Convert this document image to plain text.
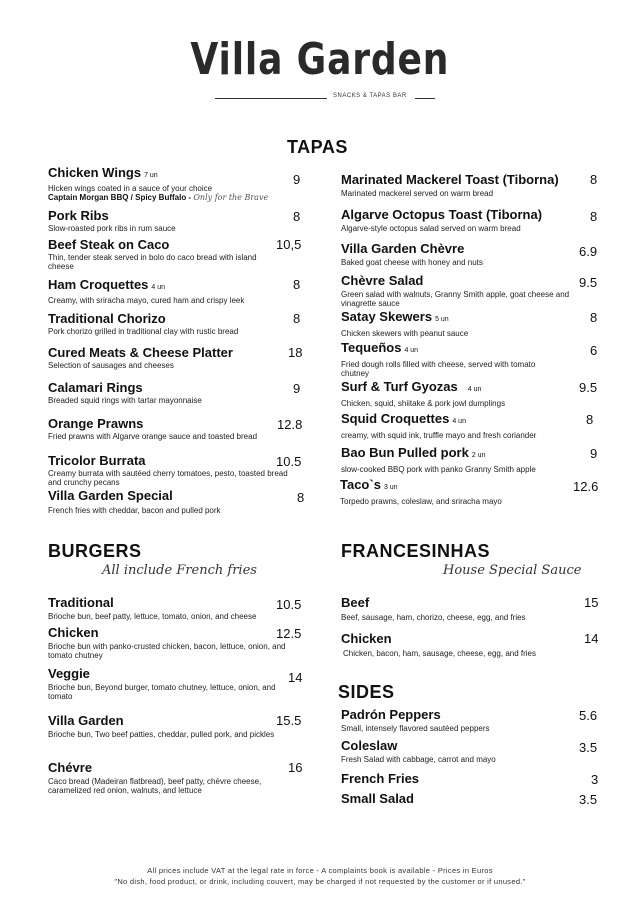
Villa Garden
SNACKS & TAPAS BAR
TAPAS
BURGERS
All include French fries
FRANCESINHAS
House Special Sauce
SIDES
Chicken Wings 7 un
Hicken wings coated in a sauce of your choice
Captain Morgan BBQ / Spicy Buffalo - Only for the Brave
9
Pork Ribs
Slow-roasted pork ribs in rum sauce
8
Beef Steak on Caco
Thin, tender steak served in bolo do caco bread with island cheese
10,5
Ham Croquettes 4 un
Creamy, with sriracha mayo, cured ham and crispy leek
8
Traditional Chorizo
Pork chorizo grilled in traditional clay with rustic bread
8
Cured Meats & Cheese Platter
Selection of sausages and cheeses
18
Calamari Rings
Breaded squid rings with tartar mayonnaise
9
Orange Prawns
Fried prawns with Algarve orange sauce and toasted bread
12.8
Tricolor Burrata
Creamy burrata with sautéed cherry tomatoes, pesto, toasted bread and crunchy pecans
10.5
Villa Garden Special
French fries with cheddar, bacon and pulled pork
8
Marinated Mackerel Toast (Tiborna)
Marinated mackerel served on warm bread
8
Algarve Octopus Toast (Tiborna)
Algarve-style octopus salad served on warm bread
8
Villa Garden Chèvre
Baked goat cheese with honey and nuts
6.9
Chèvre Salad
Green salad with walnuts, Granny Smith apple, goat cheese and vinagrette sauce
9.5
Satay Skewers 5 un
Chicken skewers with peanut sauce
8
Tequeños 4 un
Fried dough rolls filled with cheese, served with tomato chutney
6
Surf & Turf Gyozas 4 un
Chicken, squid, shiitake & pork jowl dumplings
9.5
Squid Croquettes 4 un
creamy, with squid ink, truffle mayo and fresh coriander
8
Bao Bun Pulled pork 2 un
slow-cooked BBQ pork with panko Granny Smith apple
9
Taco`s 3 un
Torpedo prawns, coleslaw, and sriracha mayo
12.6
Traditional
Brioche bun, beef patty, lettuce, tomato, onion, and cheese
10.5
Chicken
Brioche bun with panko-crusted chicken, bacon, lettuce, onion, and tomato chutney
12.5
Veggie
Brioche bun, Beyond burger, tomato chutney, lettuce, onion, and tomato
14
Villa Garden
Brioche bun, Two beef patties, cheddar, pulled pork, and pickles
15.5
Chévre
Caco bread (Madeiran flatbread), beef patty, chèvre cheese, caramelized red onion, walnuts, and lettuce
16
Beef
Beef, sausage, ham, chorizo, cheese, egg, and fries
15
Chicken
Chicken, bacon, ham, sausage, cheese, egg, and fries
14
Padrón Peppers
Small, intensely flavored sautéed peppers
5.6
Coleslaw
Fresh Salad with cabbage, carrot and mayo
3.5
French Fries	3
Small Salad	3.5
All prices include VAT at the legal rate in force - A complaints book is available - Prices in Euros
"No dish, food product, or drink, including couvert, may be charged if not requested by the customer or if unused."
